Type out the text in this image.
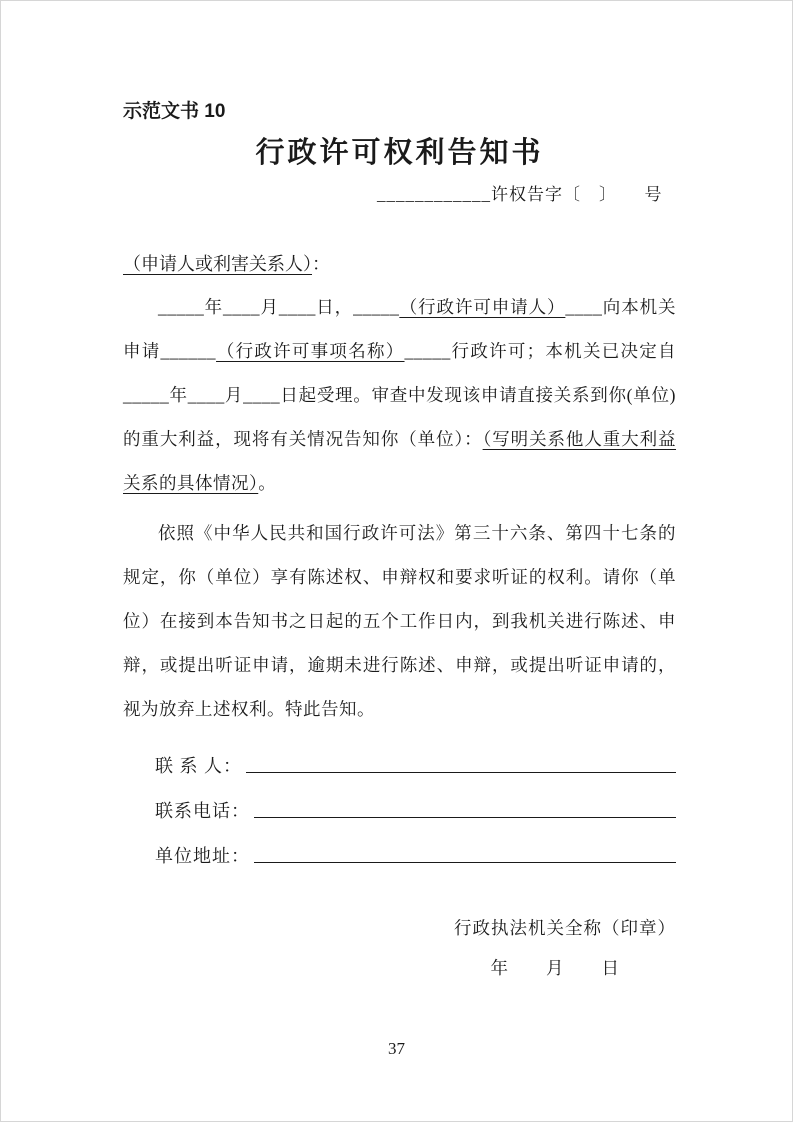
示范文书 10
行政许可权利告知书
____________许权告字〔　〕　　号
（申请人或利害关系人）：

_____年____月____日，_____（行政许可申请人）____向本机关申请______（行政许可事项名称）_____行政许可；本机关已决定自_____年____月____日起受理。审查中发现该申请直接关系到你(单位)的重大利益，现将有关情况告知你（单位）：（写明关系他人重大利益关系的具体情况）。

依照《中华人民共和国行政许可法》第三十六条、第四十七条的规定，你（单位）享有陈述权、申辩权和要求听证的权利。请你（单位）在接到本告知书之日起的五个工作日内，到我机关进行陈述、申辩，或提出听证申请，逾期未进行陈述、申辩，或提出听证申请的，视为放弃上述权利。特此告知。

联 系 人：
联系电话：
单位地址：
行政执法机关全称（印章）
年　　月　　日
37
